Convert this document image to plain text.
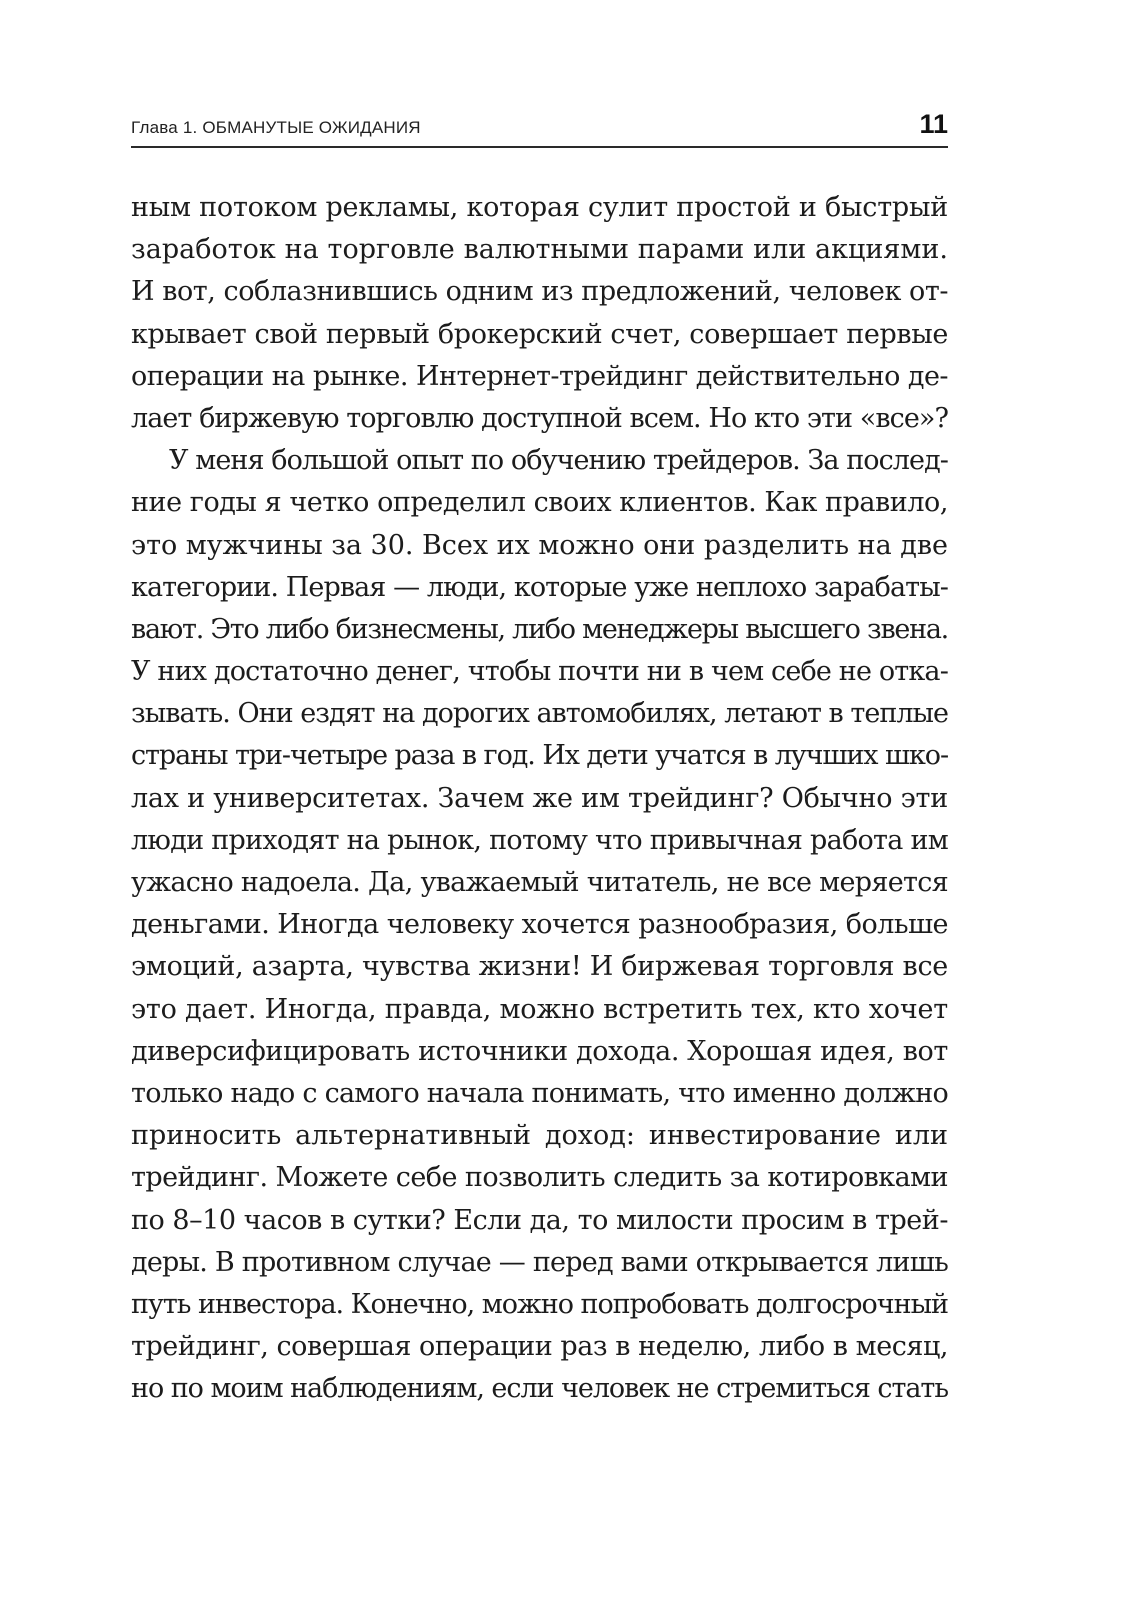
Глава 1. ОБМАНУТЫЕ ОЖИДАНИЯ	11
ным потоком рекламы, которая сулит простой и быстрый
заработок на торговле валютными парами или акциями.
И вот, соблазнившись одним из предложений, человек от-
крывает свой первый брокерский счет, совершает первые
операции на рынке. Интернет-трейдинг действительно де-
лает биржевую торговлю доступной всем. Но кто эти «все»?
У меня большой опыт по обучению трейдеров. За послед-
ние годы я четко определил своих клиентов. Как правило,
это мужчины за 30. Всех их можно они разделить на две
категории. Первая — люди, которые уже неплохо зарабаты-
вают. Это либо бизнесмены, либо менеджеры высшего звена.
У них достаточно денег, чтобы почти ни в чем себе не отка-
зывать. Они ездят на дорогих автомобилях, летают в теплые
страны три-четыре раза в год. Их дети учатся в лучших шко-
лах и университетах. Зачем же им трейдинг? Обычно эти
люди приходят на рынок, потому что привычная работа им
ужасно надоела. Да, уважаемый читатель, не все меряется
деньгами. Иногда человеку хочется разнообразия, больше
эмоций, азарта, чувства жизни! И биржевая торговля все
это дает. Иногда, правда, можно встретить тех, кто хочет
диверсифицировать источники дохода. Хорошая идея, вот
только надо с самого начала понимать, что именно должно
приносить альтернативный доход: инвестирование или
трейдинг. Можете себе позволить следить за котировками
по 8–10 часов в сутки? Если да, то милости просим в трей-
деры. В противном случае — перед вами открывается лишь
путь инвестора. Конечно, можно попробовать долгосрочный
трейдинг, совершая операции раз в неделю, либо в месяц,
но по моим наблюдениям, если человек не стремиться стать
